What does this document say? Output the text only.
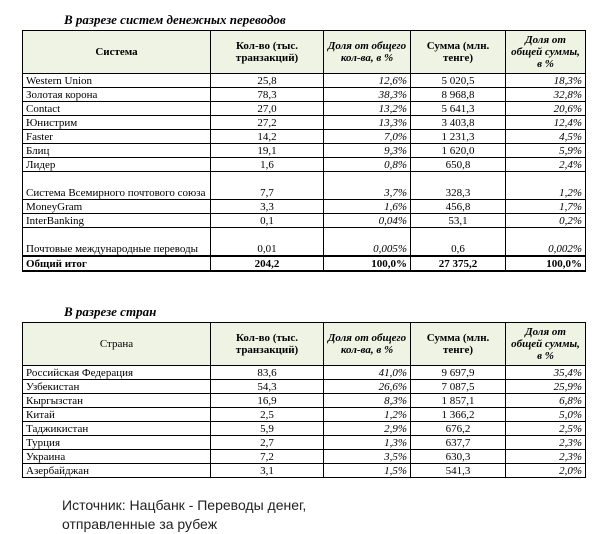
В разрезе систем денежных переводов
Система	Кол-во (тыс. транзакций)	Доля от общего кол-ва, в %	Сумма (млн. тенге)	Доля от общей суммы, в %
Western Union	25,8	12,6%	5 020,5	18,3%
Золотая корона	78,3	38,3%	8 968,8	32,8%
Contact	27,0	13,2%	5 641,3	20,6%
Юнистрим	27,2	13,3%	3 403,8	12,4%
Faster	14,2	7,0%	1 231,3	4,5%
Блиц	19,1	9,3%	1 620,0	5,9%
Лидер	1,6	0,8%	650,8	2,4%
Система Всемирного почтового союза	7,7	3,7%	328,3	1,2%
MoneyGram	3,3	1,6%	456,8	1,7%
InterBanking	0,1	0,04%	53,1	0,2%
Почтовые международные переводы	0,01	0,005%	0,6	0,002%
Общий итог	204,2	100,0%	27 375,2	100,0%
В разрезе стран
Страна	Кол-во (тыс. транзакций)	Доля от общего кол-ва, в %	Сумма (млн. тенге)	Доля от общей суммы, в %
Российская Федерация	83,6	41,0%	9 697,9	35,4%
Узбекистан	54,3	26,6%	7 087,5	25,9%
Кыргызстан	16,9	8,3%	1 857,1	6,8%
Китай	2,5	1,2%	1 366,2	5,0%
Таджикистан	5,9	2,9%	676,2	2,5%
Турция	2,7	1,3%	637,7	2,3%
Украина	7,2	3,5%	630,3	2,3%
Азербайджан	3,1	1,5%	541,3	2,0%
Источник: Нацбанк - Переводы денег,
отправленные за рубеж
